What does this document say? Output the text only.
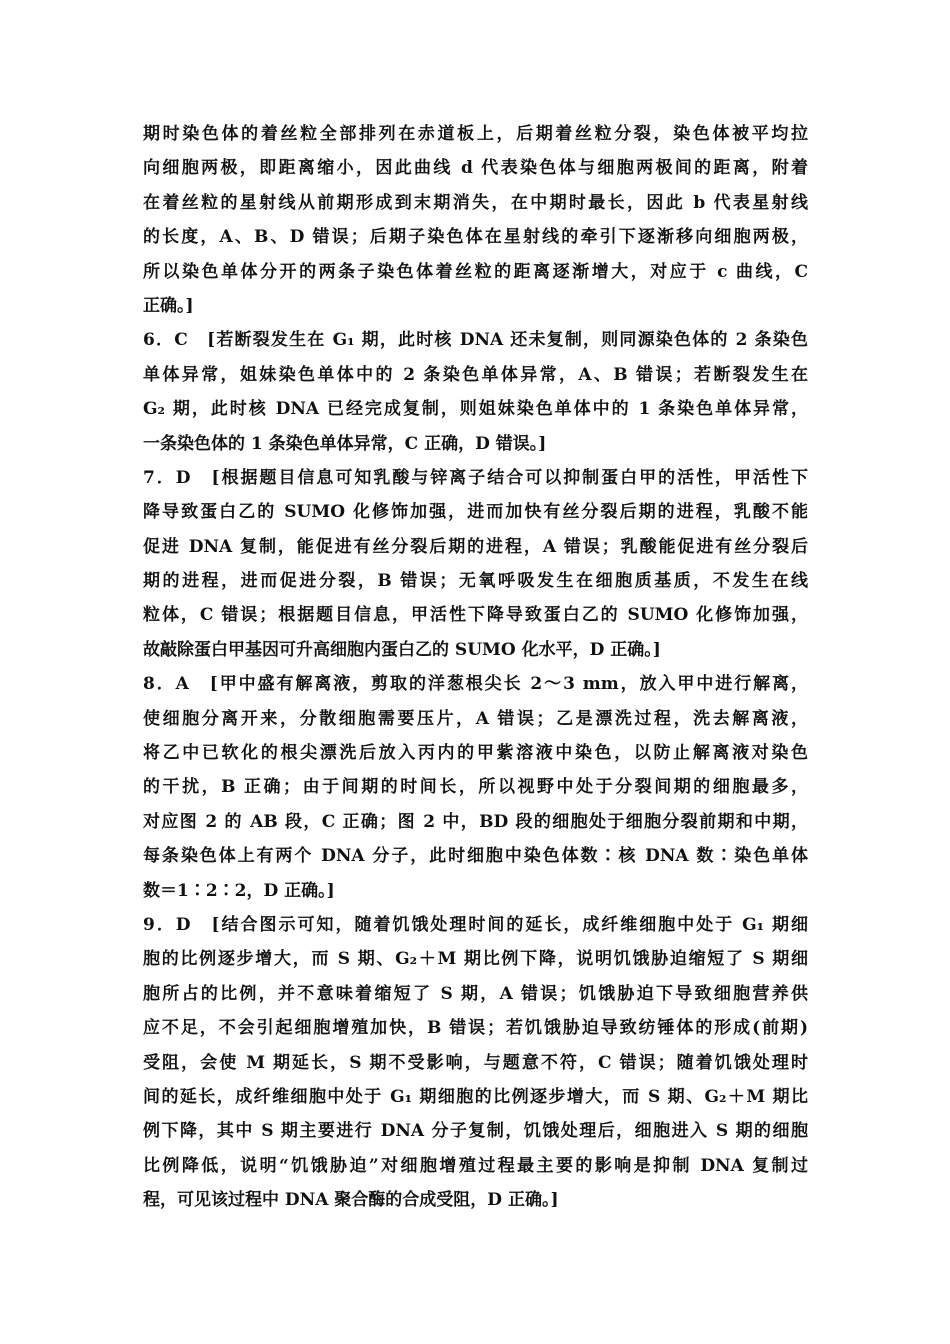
期时染色体的着丝粒全部排列在赤道板上，后期着丝粒分裂，染色体被平均拉
向细胞两极，即距离缩小，因此曲线 d 代表染色体与细胞两极间的距离，附着
在着丝粒的星射线从前期形成到末期消失，在中期时最长，因此 b 代表星射线
的长度，A、B、D 错误；后期子染色体在星射线的牵引下逐渐移向细胞两极，
所以染色单体分开的两条子染色体着丝粒的距离逐渐增大，对应于 c 曲线，C
正确。]
6．C　[若断裂发生在 G₁ 期，此时核 DNA 还未复制，则同源染色体的 2 条染色
单体异常，姐妹染色单体中的 2 条染色单体异常，A、B 错误；若断裂发生在
G₂ 期，此时核 DNA 已经完成复制，则姐妹染色单体中的 1 条染色单体异常，
一条染色体的 1 条染色单体异常，C 正确，D 错误。]
7．D　[根据题目信息可知乳酸与锌离子结合可以抑制蛋白甲的活性，甲活性下
降导致蛋白乙的 SUMO 化修饰加强，进而加快有丝分裂后期的进程，乳酸不能
促进 DNA 复制，能促进有丝分裂后期的进程，A 错误；乳酸能促进有丝分裂后
期的进程，进而促进分裂，B 错误；无氧呼吸发生在细胞质基质，不发生在线
粒体，C 错误；根据题目信息，甲活性下降导致蛋白乙的 SUMO 化修饰加强，
故敲除蛋白甲基因可升高细胞内蛋白乙的 SUMO 化水平，D 正确。]
8．A　[甲中盛有解离液，剪取的洋葱根尖长 2～3 mm，放入甲中进行解离，
使细胞分离开来，分散细胞需要压片，A 错误；乙是漂洗过程，洗去解离液，
将乙中已软化的根尖漂洗后放入丙内的甲紫溶液中染色，以防止解离液对染色
的干扰，B 正确；由于间期的时间长，所以视野中处于分裂间期的细胞最多，
对应图 2 的 AB 段，C 正确；图 2 中，BD 段的细胞处于细胞分裂前期和中期，
每条染色体上有两个 DNA 分子，此时细胞中染色体数∶核 DNA 数∶染色单体
数＝1∶2∶2，D 正确。]
9．D　[结合图示可知，随着饥饿处理时间的延长，成纤维细胞中处于 G₁ 期细
胞的比例逐步增大，而 S 期、G₂＋M 期比例下降，说明饥饿胁迫缩短了 S 期细
胞所占的比例，并不意味着缩短了 S 期，A 错误；饥饿胁迫下导致细胞营养供
应不足，不会引起细胞增殖加快，B 错误；若饥饿胁迫导致纺锤体的形成(前期)
受阻，会使 M 期延长，S 期不受影响，与题意不符，C 错误；随着饥饿处理时
间的延长，成纤维细胞中处于 G₁ 期细胞的比例逐步增大，而 S 期、G₂＋M 期比
例下降，其中 S 期主要进行 DNA 分子复制，饥饿处理后，细胞进入 S 期的细胞
比例降低，说明“饥饿胁迫”对细胞增殖过程最主要的影响是抑制 DNA 复制过
程，可见该过程中 DNA 聚合酶的合成受阻，D 正确。]
